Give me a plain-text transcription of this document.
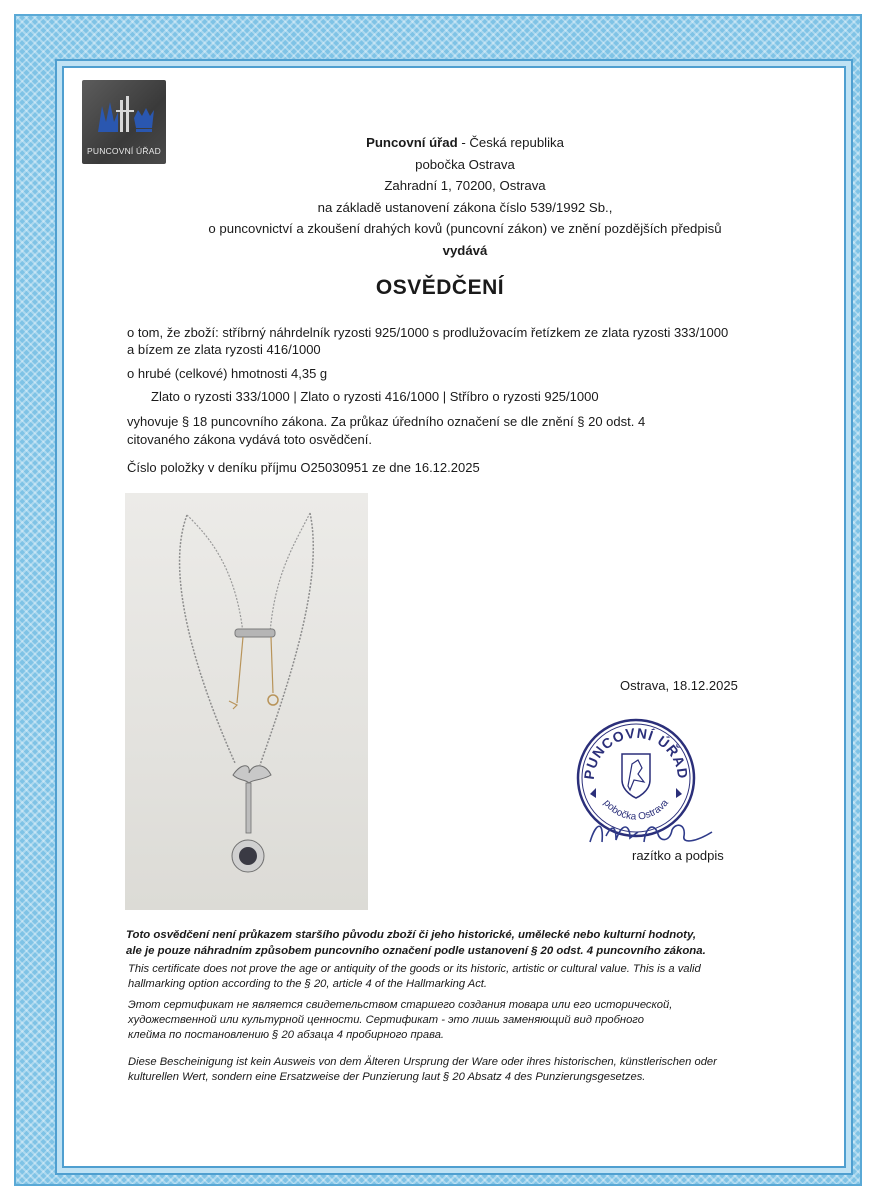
PUNCOVNÍ ÚŘAD
Puncovní úřad - Česká republika
pobočka Ostrava
Zahradní 1, 70200, Ostrava
na základě ustanovení zákona číslo 539/1992 Sb.,
o puncovnictví a zkoušení drahých kovů (puncovní zákon) ve znění pozdějších předpisů
vydává
OSVĚDČENÍ
o tom, že zboží: stříbrný náhrdelník ryzosti 925/1000 s prodlužovacím řetízkem ze zlata ryzosti 333/1000
a bízem ze zlata ryzosti 416/1000
o hrubé (celkové) hmotnosti 4,35 g
Zlato o ryzosti 333/1000 | Zlato o ryzosti 416/1000 | Stříbro o ryzosti 925/1000
vyhovuje § 18 puncovního zákona. Za průkaz úředního označení se dle znění § 20 odst. 4
citovaného zákona vydává toto osvědčení.
Číslo položky v deníku příjmu O25030951 ze dne 16.12.2025
Ostrava, 18.12.2025
PUNCOVNÍ ÚŘAD
pobočka Ostrava
razítko a podpis
Toto osvědčení není průkazem staršího původu zboží či jeho historické, umělecké nebo kulturní hodnoty,
ale je pouze náhradním způsobem puncovního označení podle ustanovení § 20 odst. 4 puncovního zákona.
This certificate does not prove the age or antiquity of the goods or its historic, artistic or cultural value. This is a valid
hallmarking option according to the § 20, article 4 of the Hallmarking Act.
Этот сертификат не является свидетельством старшего создания товара или его исторической,
художественной или культурной ценности. Сертификат - это лишь заменяющий вид пробного
клейма по постановлению § 20 абзаца 4 пробирного права.
Diese Bescheinigung ist kein Ausweis von dem Älteren Ursprung der Ware oder ihres historischen, künstlerischen oder
kulturellen Wert, sondern eine Ersatzweise der Punzierung laut § 20 Absatz 4 des Punzierungsgesetzes.
